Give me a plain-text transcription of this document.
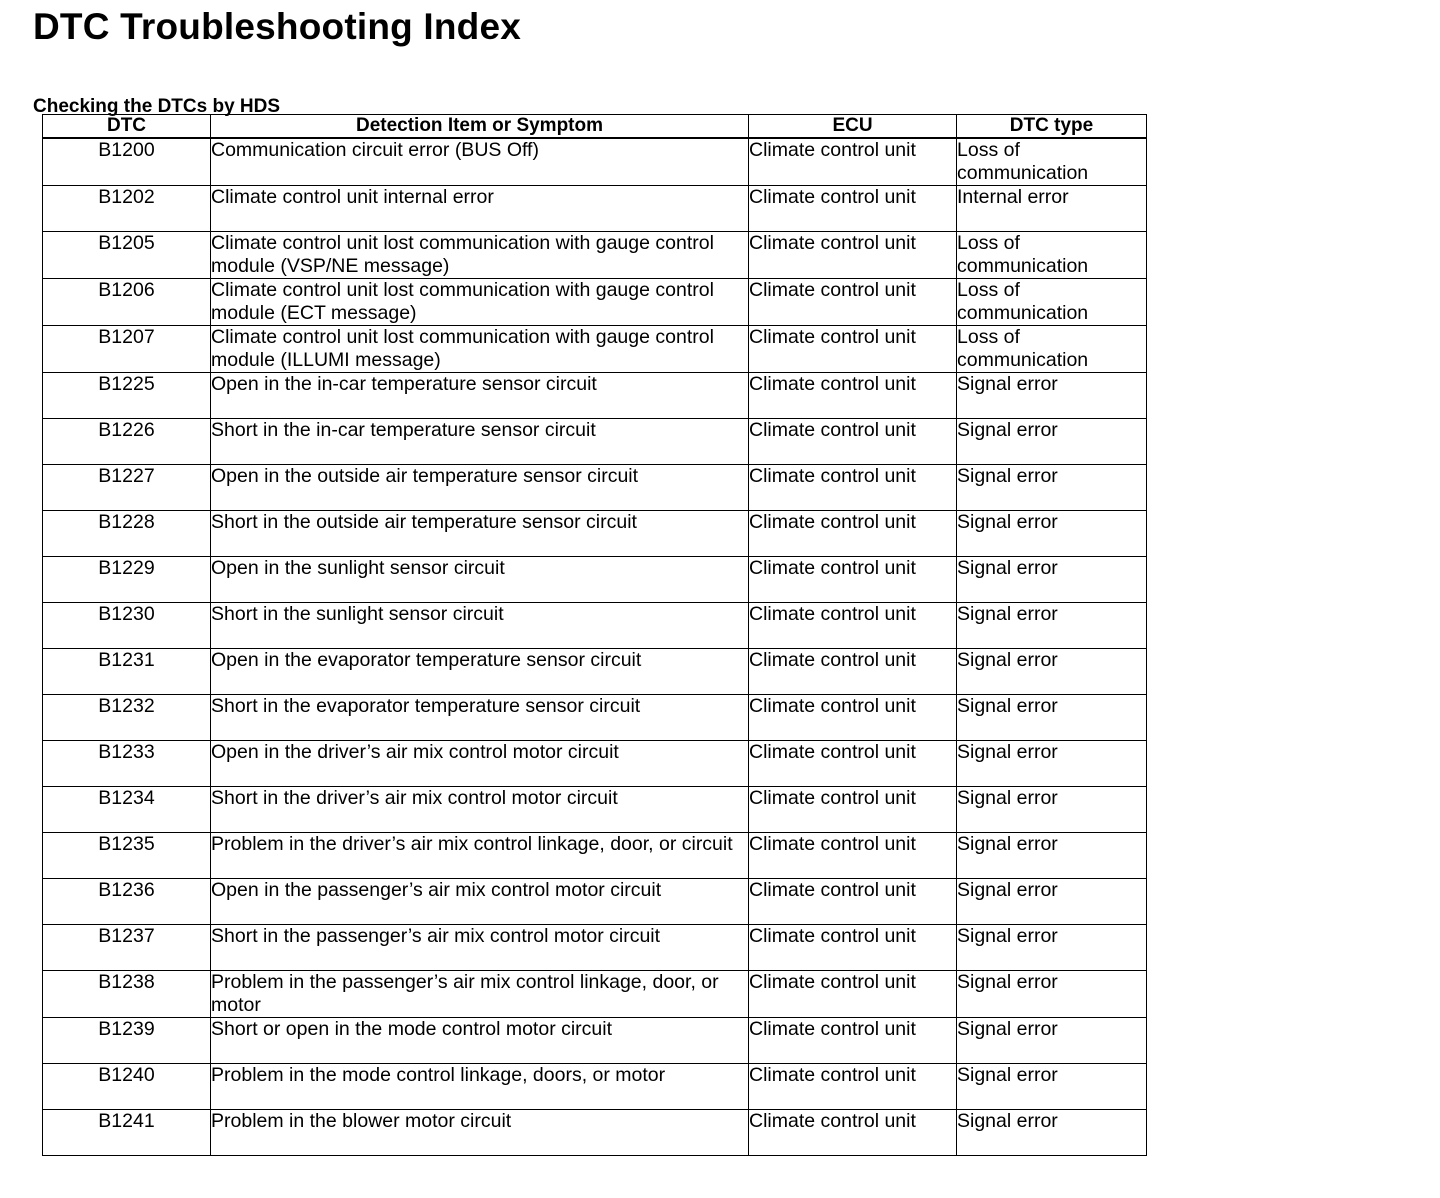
DTC Troubleshooting Index
Checking the DTCs by HDS
DTC	Detection Item or Symptom	ECU	DTC type

B1200	Communication circuit error (BUS Off)	Climate control unit	Loss of communication

B1202	Climate control unit internal error	Climate control unit	Internal error

B1205	Climate control unit lost communication with gauge control module (VSP/NE message)	Climate control unit	Loss of communication

B1206	Climate control unit lost communication with gauge control module (ECT message)	Climate control unit	Loss of communication

B1207	Climate control unit lost communication with gauge control module (ILLUMI message)	Climate control unit	Loss of communication

B1225	Open in the in-car temperature sensor circuit	Climate control unit	Signal error

B1226	Short in the in-car temperature sensor circuit	Climate control unit	Signal error

B1227	Open in the outside air temperature sensor circuit	Climate control unit	Signal error

B1228	Short in the outside air temperature sensor circuit	Climate control unit	Signal error

B1229	Open in the sunlight sensor circuit	Climate control unit	Signal error

B1230	Short in the sunlight sensor circuit	Climate control unit	Signal error

B1231	Open in the evaporator temperature sensor circuit	Climate control unit	Signal error

B1232	Short in the evaporator temperature sensor circuit	Climate control unit	Signal error

B1233	Open in the driver’s air mix control motor circuit	Climate control unit	Signal error

B1234	Short in the driver’s air mix control motor circuit	Climate control unit	Signal error

B1235	Problem in the driver’s air mix control linkage, door, or circuit	Climate control unit	Signal error

B1236	Open in the passenger’s air mix control motor circuit	Climate control unit	Signal error

B1237	Short in the passenger’s air mix control motor circuit	Climate control unit	Signal error

B1238	Problem in the passenger’s air mix control linkage, door, or motor	Climate control unit	Signal error

B1239	Short or open in the mode control motor circuit	Climate control unit	Signal error

B1240	Problem in the mode control linkage, doors, or motor	Climate control unit	Signal error

B1241	Problem in the blower motor circuit	Climate control unit	Signal error
